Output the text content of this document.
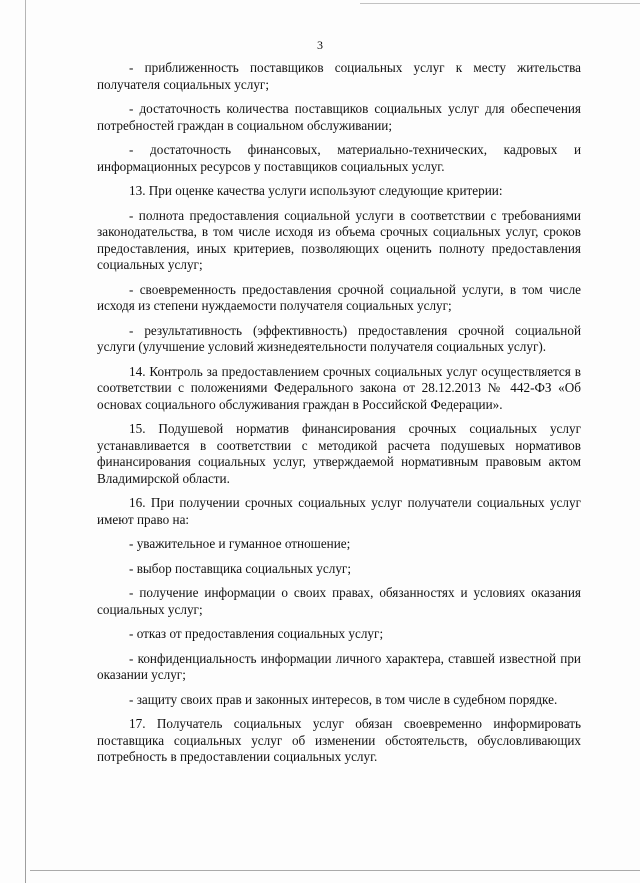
3

- приближенность поставщиков социальных услуг к месту жительства получателя социальных услуг;

- достаточность количества поставщиков социальных услуг для обеспечения потребностей граждан в социальном обслуживании;

- достаточность финансовых, материально-технических, кадровых и информационных ресурсов у поставщиков социальных услуг.

13. При оценке качества услуги используют следующие критерии:

- полнота предоставления социальной услуги в соответствии с требованиями законодательства, в том числе исходя из объема срочных социальных услуг, сроков предоставления, иных критериев, позволяющих оценить полноту предоставления социальных услуг;

- своевременность предоставления срочной социальной услуги, в том числе исходя из степени нуждаемости получателя социальных услуг;

- результативность (эффективность) предоставления срочной социальной услуги (улучшение условий жизнедеятельности получателя социальных услуг).

14. Контроль за предоставлением срочных социальных услуг осуществляется в соответствии с положениями Федерального закона от 28.12.2013 № 442-ФЗ «Об основах социального обслуживания граждан в Российской Федерации».

15. Подушевой норматив финансирования срочных социальных услуг устанавливается в соответствии с методикой расчета подушевых нормативов финансирования социальных услуг, утверждаемой нормативным правовым актом Владимирской области.

16. При получении срочных социальных услуг получатели социальных услуг имеют право на:

- уважительное и гуманное отношение;

- выбор поставщика социальных услуг;

- получение информации о своих правах, обязанностях и условиях оказания социальных услуг;

- отказ от предоставления социальных услуг;

- конфиденциальность информации личного характера, ставшей известной при оказании услуг;

- защиту своих прав и законных интересов, в том числе в судебном порядке.

17. Получатель социальных услуг обязан своевременно информировать поставщика социальных услуг об изменении обстоятельств, обусловливающих потребность в предоставлении социальных услуг.
